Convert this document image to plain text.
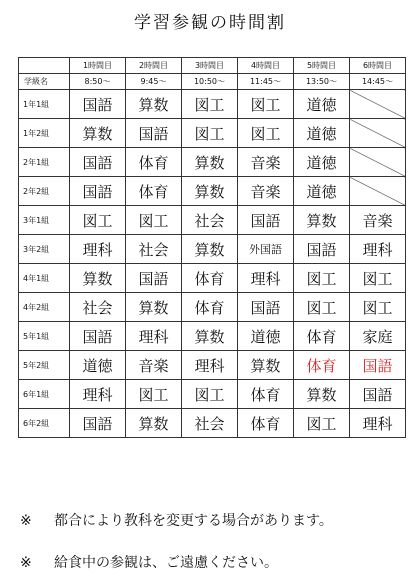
学習参観の時間割
	1時間目	2時間目	3時間目	4時間目	5時間目	6時間目
学級名	8:50～	9:45～	10:50～	11:45～	13:50～	14:45～
1年1組	国語	算数	図工	図工	道徳	
1年2組	算数	国語	図工	図工	道徳	
2年1組	国語	体育	算数	音楽	道徳	
2年2組	国語	体育	算数	音楽	道徳	
3年1組	図工	図工	社会	国語	算数	音楽
3年2組	理科	社会	算数	外国語	国語	理科
4年1組	算数	国語	体育	理科	図工	図工
4年2組	社会	算数	体育	国語	図工	図工
5年1組	国語	理科	算数	道徳	体育	家庭
5年2組	道徳	音楽	理科	算数	体育	国語
6年1組	理科	図工	図工	体育	算数	国語
6年2組	国語	算数	社会	体育	図工	理科
※ 都合により教科を変更する場合があります。
※ 給食中の参観は、ご遠慮ください。
